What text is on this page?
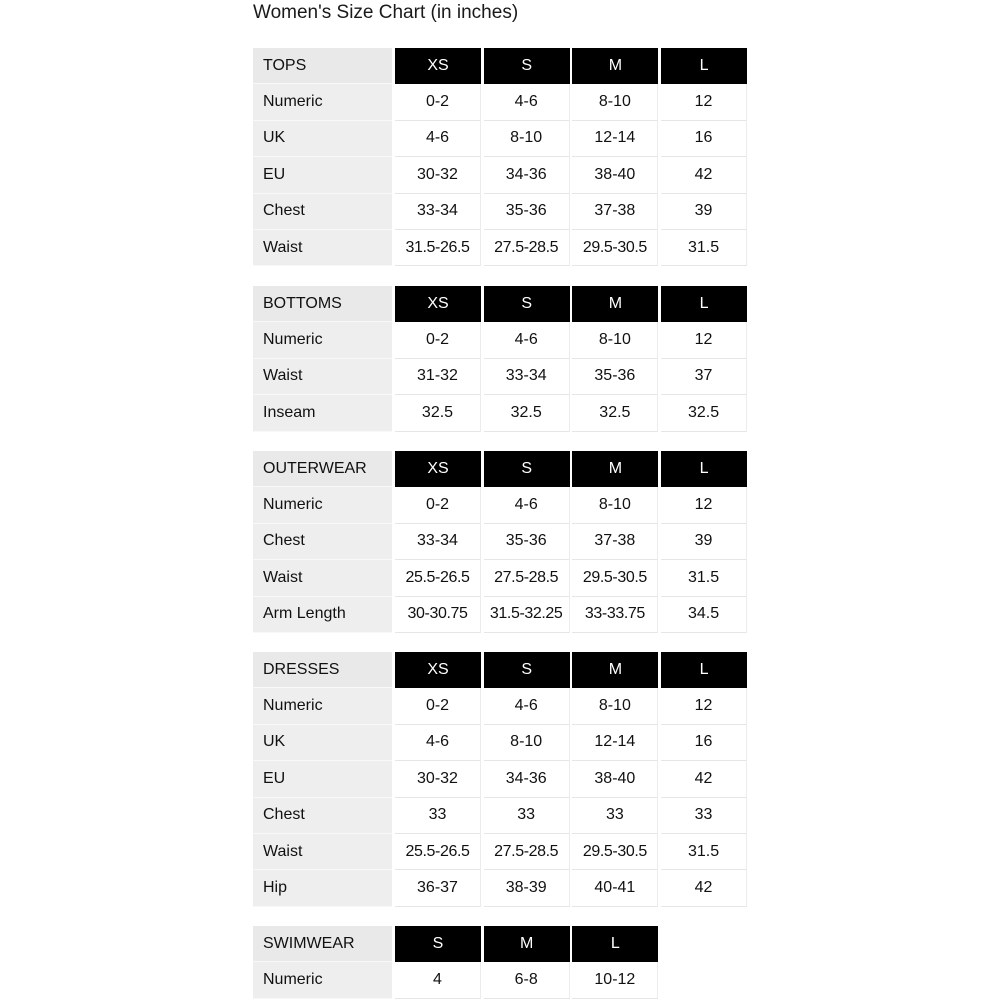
Women's Size Chart (in inches)
TOPS	XS	S	M	L
Numeric	0-2	4-6	8-10	12
UK	4-6	8-10	12-14	16
EU	30-32	34-36	38-40	42
Chest	33-34	35-36	37-38	39
Waist	31.5-26.5	27.5-28.5	29.5-30.5	31.5
BOTTOMS	XS	S	M	L
Numeric	0-2	4-6	8-10	12
Waist	31-32	33-34	35-36	37
Inseam	32.5	32.5	32.5	32.5
OUTERWEAR	XS	S	M	L
Numeric	0-2	4-6	8-10	12
Chest	33-34	35-36	37-38	39
Waist	25.5-26.5	27.5-28.5	29.5-30.5	31.5
Arm Length	30-30.75	31.5-32.25	33-33.75	34.5
DRESSES	XS	S	M	L
Numeric	0-2	4-6	8-10	12
UK	4-6	8-10	12-14	16
EU	30-32	34-36	38-40	42
Chest	33	33	33	33
Waist	25.5-26.5	27.5-28.5	29.5-30.5	31.5
Hip	36-37	38-39	40-41	42
SWIMWEAR	S	M	L
Numeric	4	6-8	10-12
